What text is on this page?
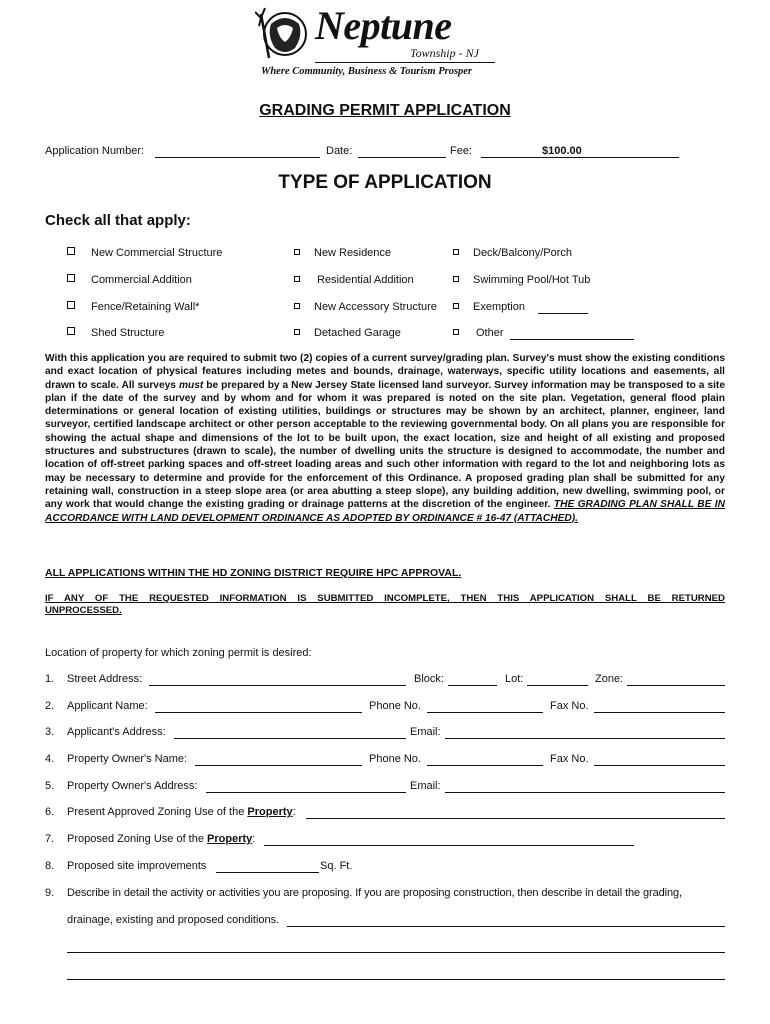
Neptune
Township - NJ
Where Community, Business & Tourism Prosper
GRADING PERMIT APPLICATION
Application Number:	Date:	Fee:	$100.00
TYPE OF APPLICATION
Check all that apply:
New Commercial Structure	New Residence	Deck/Balcony/Porch
Commercial Addition	Residential Addition	Swimming Pool/Hot Tub
Fence/Retaining Wall*	New Accessory Structure	Exemption
Shed Structure	Detached Garage	Other
With this application you are required to submit two (2) copies of a current survey/grading plan. Survey's must show the existing conditions and exact location of physical features including metes and bounds, drainage, waterways, specific utility locations and easements, all drawn to scale. All surveys must be prepared by a New Jersey State licensed land surveyor. Survey information may be transposed to a site plan if the date of the survey and by whom and for whom it was prepared is noted on the site plan. Vegetation, general flood plain determinations or general location of existing utilities, buildings or structures may be shown by an architect, planner, engineer, land surveyor, certified landscape architect or other person acceptable to the reviewing governmental body. On all plans you are responsible for showing the actual shape and dimensions of the lot to be built upon, the exact location, size and height of all existing and proposed structures and substructures (drawn to scale), the number of dwelling units the structure is designed to accommodate, the number and location of off-street parking spaces and off-street loading areas and such other information with regard to the lot and neighboring lots as may be necessary to determine and provide for the enforcement of this Ordinance. A proposed grading plan shall be submitted for any retaining wall, construction in a steep slope area (or area abutting a steep slope), any building addition, new dwelling, swimming pool, or any work that would change the existing grading or drainage patterns at the discretion of the engineer. THE GRADING PLAN SHALL BE IN ACCORDANCE WITH LAND DEVELOPMENT ORDINANCE AS ADOPTED BY ORDINANCE # 16-47 (ATTACHED).
ALL APPLICATIONS WITHIN THE HD ZONING DISTRICT REQUIRE HPC APPROVAL.
IF ANY OF THE REQUESTED INFORMATION IS SUBMITTED INCOMPLETE, THEN THIS APPLICATION SHALL BE RETURNED
UNPROCESSED.
Location of property for which zoning permit is desired:
1. Street Address:	Block:	Lot:	Zone:
2. Applicant Name:	Phone No.	Fax No.
3. Applicant's Address:	Email:
4. Property Owner's Name:	Phone No.	Fax No.
5. Property Owner's Address:	Email:
6. Present Approved Zoning Use of the Property:
7. Proposed Zoning Use of the Property:
8. Proposed site improvements	Sq. Ft.
9. Describe in detail the activity or activities you are proposing. If you are proposing construction, then describe in detail the grading,
drainage, existing and proposed conditions.
